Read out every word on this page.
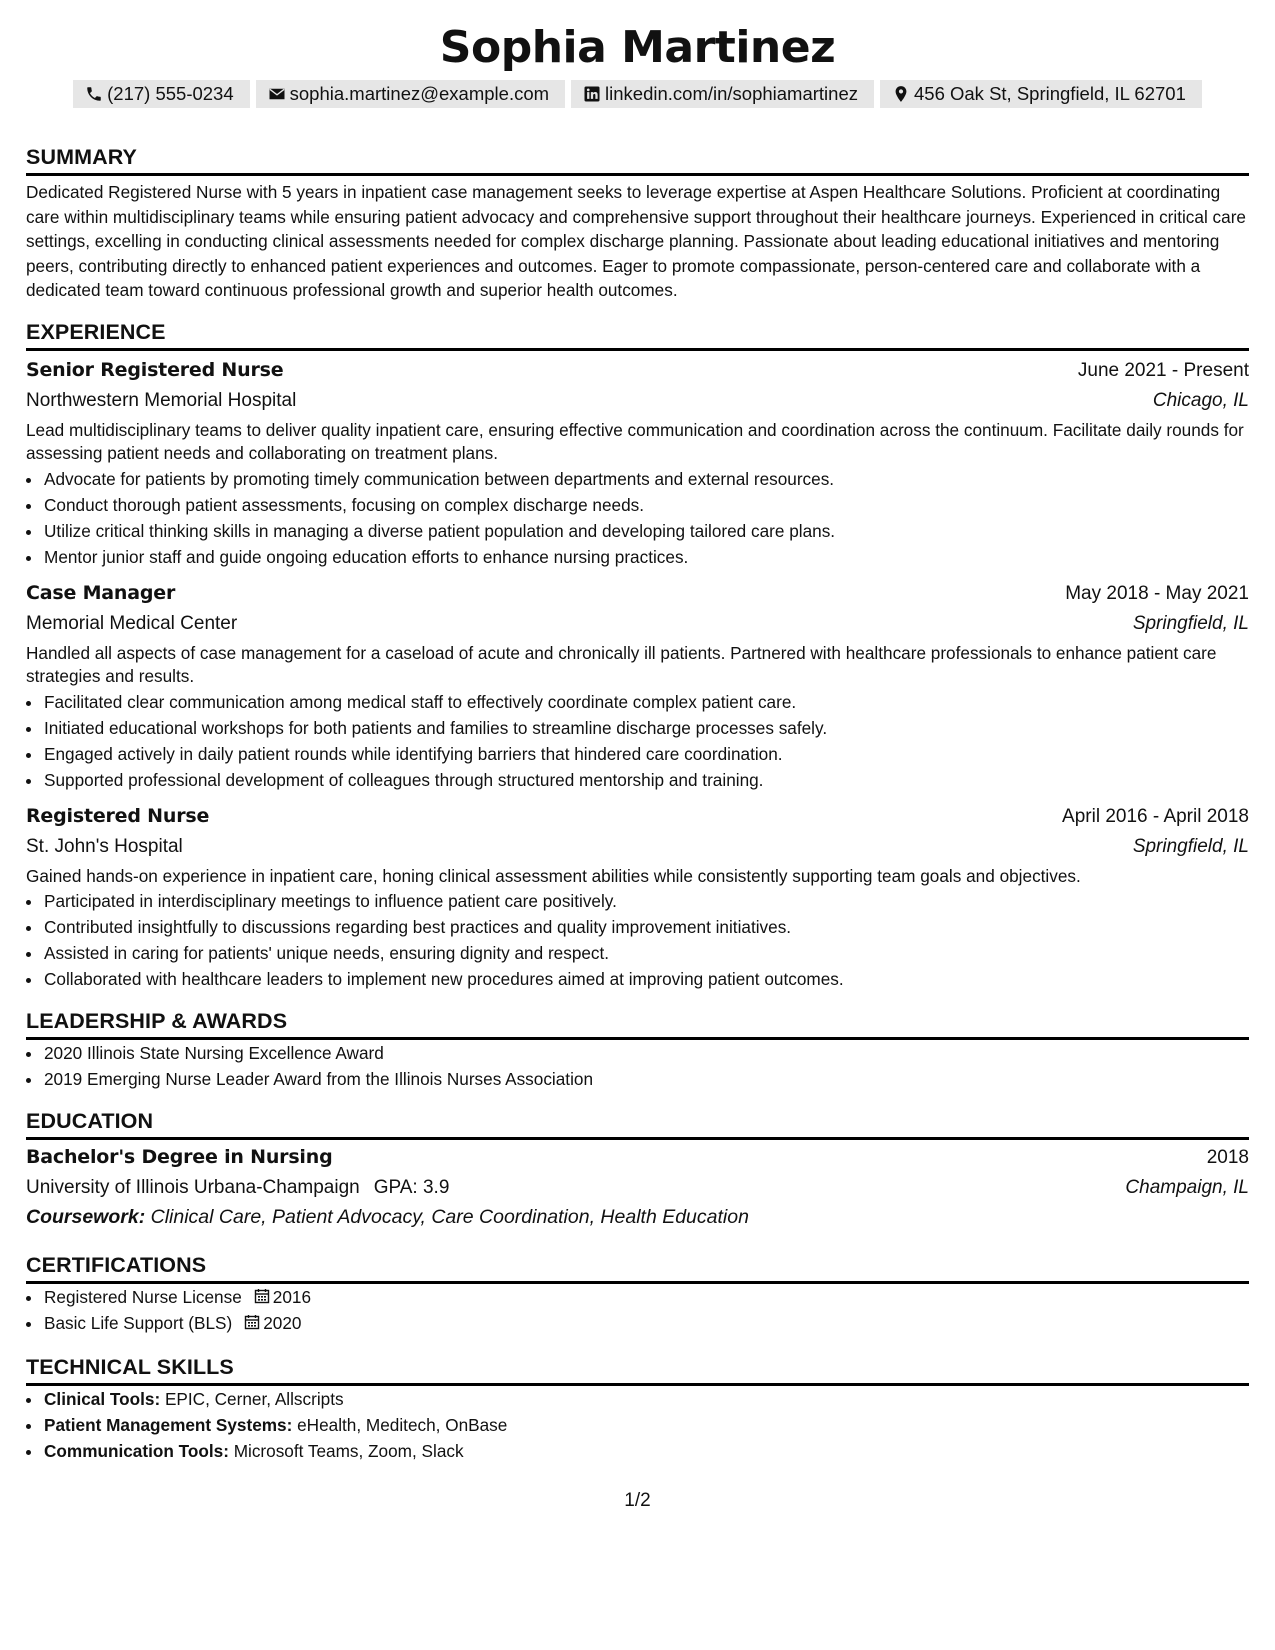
Sophia Martinez
(217) 555-0234	sophia.martinez@example.com	linkedin.com/in/sophiamartinez	456 Oak St, Springfield, IL 62701
SUMMARY
Dedicated Registered Nurse with 5 years in inpatient case management seeks to leverage expertise at Aspen Healthcare Solutions. Proficient at coordinating care within multidisciplinary teams while ensuring patient advocacy and comprehensive support throughout their healthcare journeys. Experienced in critical care settings, excelling in conducting clinical assessments needed for complex discharge planning. Passionate about leading educational initiatives and mentoring peers, contributing directly to enhanced patient experiences and outcomes. Eager to promote compassionate, person-centered care and collaborate with a dedicated team toward continuous professional growth and superior health outcomes.
EXPERIENCE
Senior Registered Nurse	June 2021 - Present
Northwestern Memorial Hospital	Chicago, IL
Lead multidisciplinary teams to deliver quality inpatient care, ensuring effective communication and coordination across the continuum. Facilitate daily rounds for assessing patient needs and collaborating on treatment plans.
• Advocate for patients by promoting timely communication between departments and external resources.
• Conduct thorough patient assessments, focusing on complex discharge needs.
• Utilize critical thinking skills in managing a diverse patient population and developing tailored care plans.
• Mentor junior staff and guide ongoing education efforts to enhance nursing practices.
Case Manager	May 2018 - May 2021
Memorial Medical Center	Springfield, IL
Handled all aspects of case management for a caseload of acute and chronically ill patients. Partnered with healthcare professionals to enhance patient care strategies and results.
• Facilitated clear communication among medical staff to effectively coordinate complex patient care.
• Initiated educational workshops for both patients and families to streamline discharge processes safely.
• Engaged actively in daily patient rounds while identifying barriers that hindered care coordination.
• Supported professional development of colleagues through structured mentorship and training.
Registered Nurse	April 2016 - April 2018
St. John's Hospital	Springfield, IL
Gained hands-on experience in inpatient care, honing clinical assessment abilities while consistently supporting team goals and objectives.
• Participated in interdisciplinary meetings to influence patient care positively.
• Contributed insightfully to discussions regarding best practices and quality improvement initiatives.
• Assisted in caring for patients' unique needs, ensuring dignity and respect.
• Collaborated with healthcare leaders to implement new procedures aimed at improving patient outcomes.
LEADERSHIP & AWARDS
• 2020 Illinois State Nursing Excellence Award
• 2019 Emerging Nurse Leader Award from the Illinois Nurses Association
EDUCATION
Bachelor's Degree in Nursing	2018
University of Illinois Urbana-Champaign GPA: 3.9	Champaign, IL
Coursework: Clinical Care, Patient Advocacy, Care Coordination, Health Education
CERTIFICATIONS
• Registered Nurse License 2016
• Basic Life Support (BLS) 2020
TECHNICAL SKILLS
• Clinical Tools: EPIC, Cerner, Allscripts
• Patient Management Systems: eHealth, Meditech, OnBase
• Communication Tools: Microsoft Teams, Zoom, Slack
1/2
